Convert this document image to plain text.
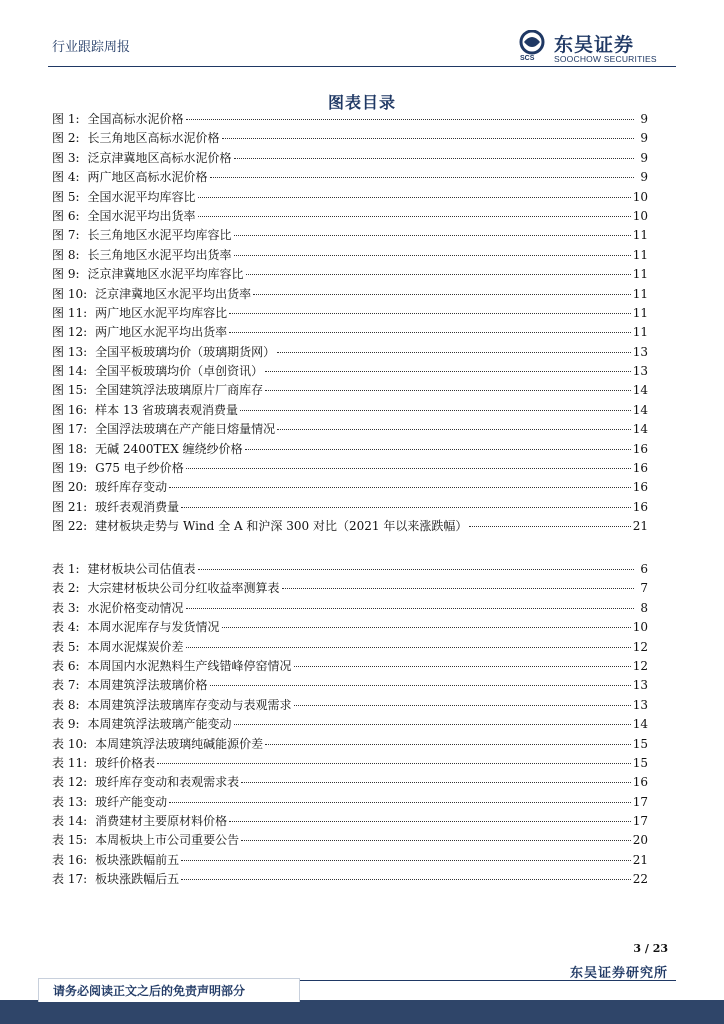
行业跟踪周报
SCS
东吴证券
SOOCHOW SECURITIES
图表目录
图 1: 全国高标水泥价格	9
图 2: 长三角地区高标水泥价格	9
图 3: 泛京津冀地区高标水泥价格	9
图 4: 两广地区高标水泥价格	9
图 5: 全国水泥平均库容比	10
图 6: 全国水泥平均出货率	10
图 7: 长三角地区水泥平均库容比	11
图 8: 长三角地区水泥平均出货率	11
图 9: 泛京津冀地区水泥平均库容比	11
图 10: 泛京津冀地区水泥平均出货率	11
图 11: 两广地区水泥平均库容比	11
图 12: 两广地区水泥平均出货率	11
图 13: 全国平板玻璃均价（玻璃期货网）	13
图 14: 全国平板玻璃均价（卓创资讯）	13
图 15: 全国建筑浮法玻璃原片厂商库存	14
图 16: 样本 13 省玻璃表观消费量	14
图 17: 全国浮法玻璃在产产能日熔量情况	14
图 18: 无碱 2400TEX 缠绕纱价格	16
图 19: G75 电子纱价格	16
图 20: 玻纤库存变动	16
图 21: 玻纤表观消费量	16
图 22: 建材板块走势与 Wind 全 A 和沪深 300 对比（2021 年以来涨跌幅）	21
表 1: 建材板块公司估值表	6
表 2: 大宗建材板块公司分红收益率测算表	7
表 3: 水泥价格变动情况	8
表 4: 本周水泥库存与发货情况	10
表 5: 本周水泥煤炭价差	12
表 6: 本周国内水泥熟料生产线错峰停窑情况	12
表 7: 本周建筑浮法玻璃价格	13
表 8: 本周建筑浮法玻璃库存变动与表观需求	13
表 9: 本周建筑浮法玻璃产能变动	14
表 10: 本周建筑浮法玻璃纯碱能源价差	15
表 11: 玻纤价格表	15
表 12: 玻纤库存变动和表观需求表	16
表 13: 玻纤产能变动	17
表 14: 消费建材主要原材料价格	17
表 15: 本周板块上市公司重要公告	20
表 16: 板块涨跌幅前五	21
表 17: 板块涨跌幅后五	22
3 / 23
东吴证券研究所
请务必阅读正文之后的免责声明部分
